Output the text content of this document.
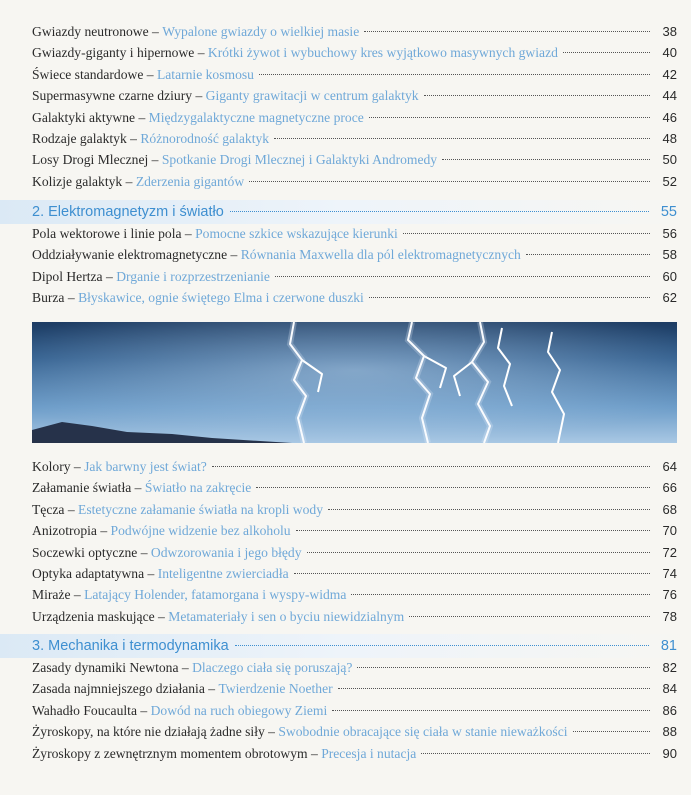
Gwiazdy neutronowe – Wypalone gwiazdy o wielkiej masie	38
Gwiazdy-giganty i hipernowe – Krótki żywot i wybuchowy kres wyjątkowo masywnych gwiazd	40
Świece standardowe – Latarnie kosmosu	42
Supermasywne czarne dziury – Giganty grawitacji w centrum galaktyk	44
Galaktyki aktywne – Międzygalaktyczne magnetyczne proce	46
Rodzaje galaktyk – Różnorodność galaktyk	48
Losy Drogi Mlecznej – Spotkanie Drogi Mlecznej i Galaktyki Andromedy	50
Kolizje galaktyk – Zderzenia gigantów	52
2. Elektromagnetyzm i światło	55
Pola wektorowe i linie pola – Pomocne szkice wskazujące kierunki	56
Oddziaływanie elektromagnetyczne – Równania Maxwella dla pól elektromagnetycznych	58
Dipol Hertza – Drganie i rozprzestrzenianie	60
Burza – Błyskawice, ognie świętego Elma i czerwone duszki	62
Kolory – Jak barwny jest świat?	64
Załamanie światła – Światło na zakręcie	66
Tęcza – Estetyczne załamanie światła na kropli wody	68
Anizotropia – Podwójne widzenie bez alkoholu	70
Soczewki optyczne – Odwzorowania i jego błędy	72
Optyka adaptatywna – Inteligentne zwierciadła	74
Miraże – Latający Holender, fatamorgana i wyspy-widma	76
Urządzenia maskujące – Metamateriały i sen o byciu niewidzialnym	78
3. Mechanika i termodynamika	81
Zasady dynamiki Newtona – Dlaczego ciała się poruszają?	82
Zasada najmniejszego działania – Twierdzenie Noether	84
Wahadło Foucaulta – Dowód na ruch obiegowy Ziemi	86
Żyroskopy, na które nie działają żadne siły – Swobodnie obracające się ciała w stanie nieważkości	88
Żyroskopy z zewnętrznym momentem obrotowym – Precesja i nutacja	90
